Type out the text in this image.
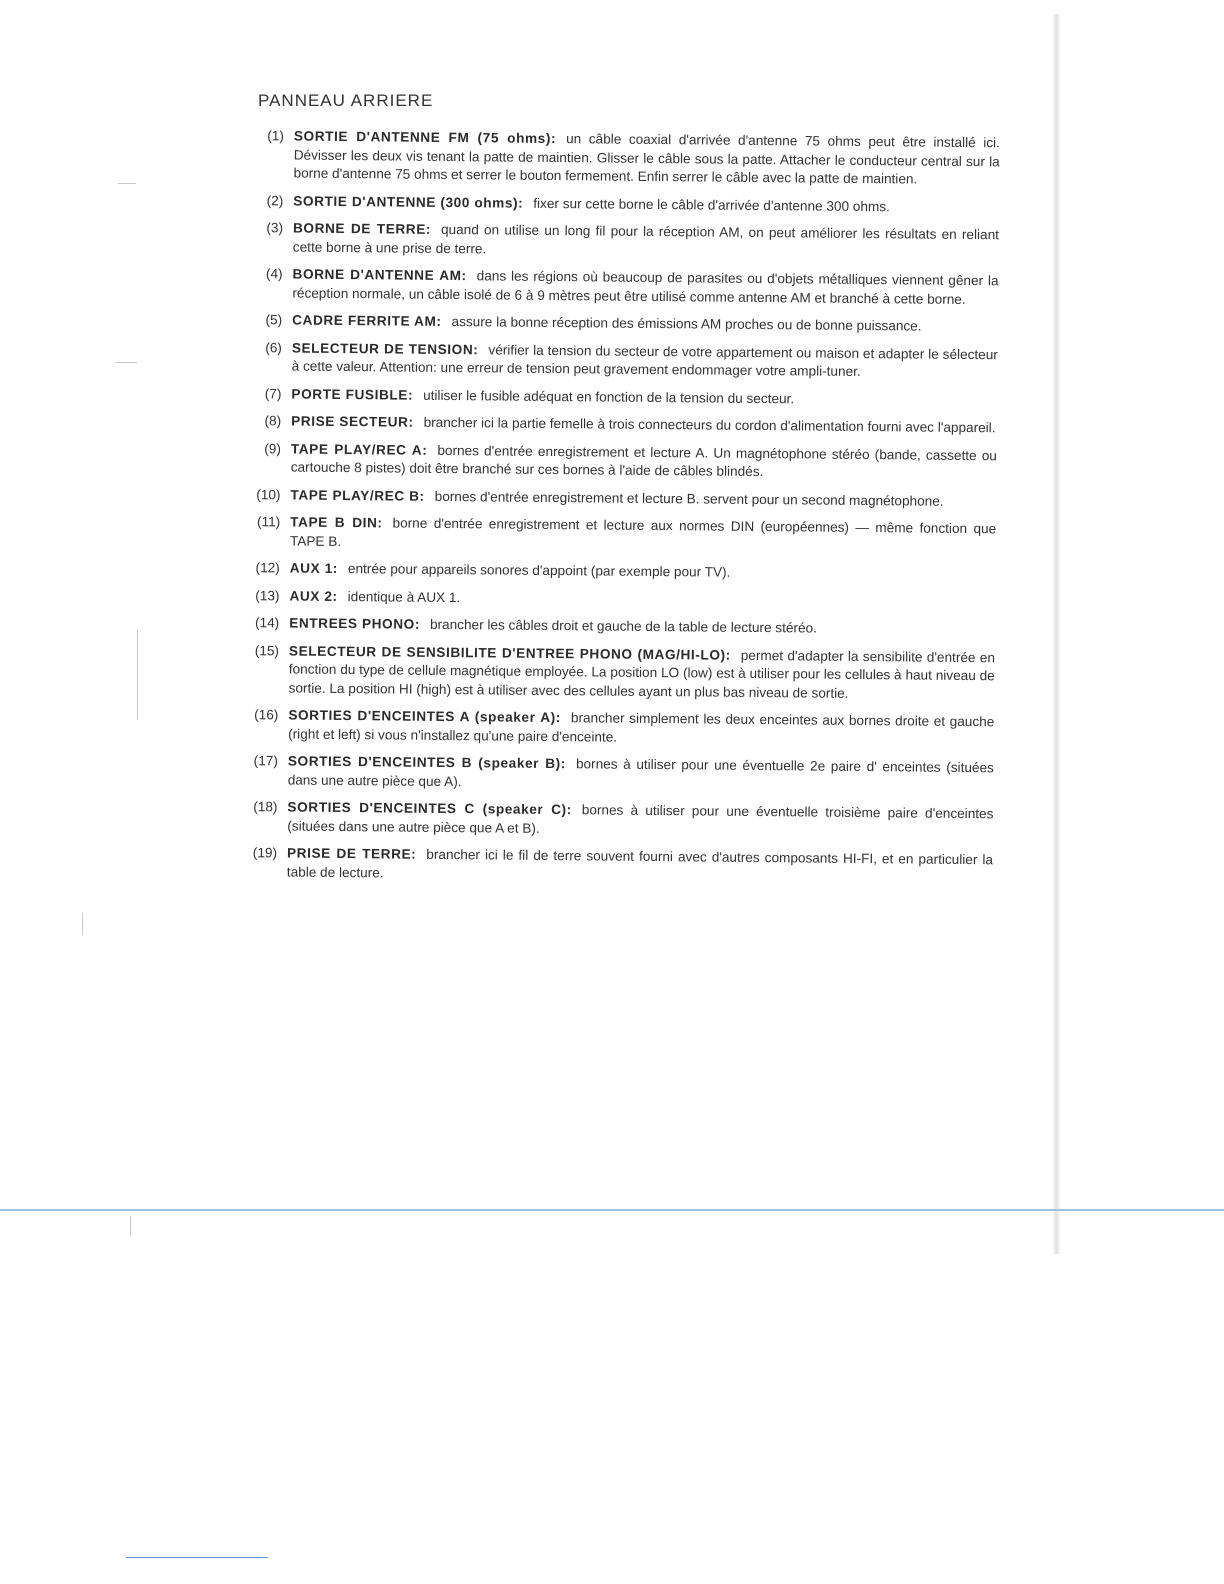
PANNEAU ARRIERE
(1) SORTIE D'ANTENNE FM (75 ohms): un câble coaxial d'arrivée d'antenne 75 ohms peut être installé ici. Dévisser les deux vis tenant la patte de maintien. Glisser le câble sous la patte. Attacher le conducteur central sur la borne d'antenne 75 ohms et serrer le bouton fermement. Enfin serrer le câble avec la patte de maintien.
(2) SORTIE D'ANTENNE (300 ohms): fixer sur cette borne le câble d'arrivée d'antenne 300 ohms.
(3) BORNE DE TERRE: quand on utilise un long fil pour la réception AM, on peut améliorer les résultats en reliant cette borne à une prise de terre.
(4) BORNE D'ANTENNE AM: dans les régions où beaucoup de parasites ou d'objets métalliques viennent gêner la réception normale, un câble isolé de 6 à 9 mètres peut être utilisé comme antenne AM et branché à cette borne.
(5) CADRE FERRITE AM: assure la bonne réception des émissions AM proches ou de bonne puissance.
(6) SELECTEUR DE TENSION: vérifier la tension du secteur de votre appartement ou maison et adapter le sélecteur à cette valeur. Attention: une erreur de tension peut gravement endommager votre ampli-tuner.
(7) PORTE FUSIBLE: utiliser le fusible adéquat en fonction de la tension du secteur.
(8) PRISE SECTEUR: brancher ici la partie femelle à trois connecteurs du cordon d'alimentation fourni avec l'appareil.
(9) TAPE PLAY/REC A: bornes d'entrée enregistrement et lecture A. Un magnétophone stéréo (bande, cassette ou cartouche 8 pistes) doit être branché sur ces bornes à l'aide de câbles blindés.
(10) TAPE PLAY/REC B: bornes d'entrée enregistrement et lecture B. servent pour un second magnétophone.
(11) TAPE B DIN: borne d'entrée enregistrement et lecture aux normes DIN (européennes) — même fonction que TAPE B.
(12) AUX 1: entrée pour appareils sonores d'appoint (par exemple pour TV).
(13) AUX 2: identique à AUX 1.
(14) ENTREES PHONO: brancher les câbles droit et gauche de la table de lecture stéréo.
(15) SELECTEUR DE SENSIBILITE D'ENTREE PHONO (MAG/HI-LO): permet d'adapter la sensibilite d'entrée en fonction du type de cellule magnétique employée. La position LO (low) est à utiliser pour les cellules à haut niveau de sortie. La position HI (high) est à utiliser avec des cellules ayant un plus bas niveau de sortie.
(16) SORTIES D'ENCEINTES A (speaker A): brancher simplement les deux enceintes aux bornes droite et gauche (right et left) si vous n'installez qu'une paire d'enceinte.
(17) SORTIES D'ENCEINTES B (speaker B): bornes à utiliser pour une éventuelle 2e paire d' enceintes (situées dans une autre pièce que A).
(18) SORTIES D'ENCEINTES C (speaker C): bornes à utiliser pour une éventuelle troisième paire d'enceintes (situées dans une autre pièce que A et B).
(19) PRISE DE TERRE: brancher ici le fil de terre souvent fourni avec d'autres composants HI-FI, et en particulier la table de lecture.
